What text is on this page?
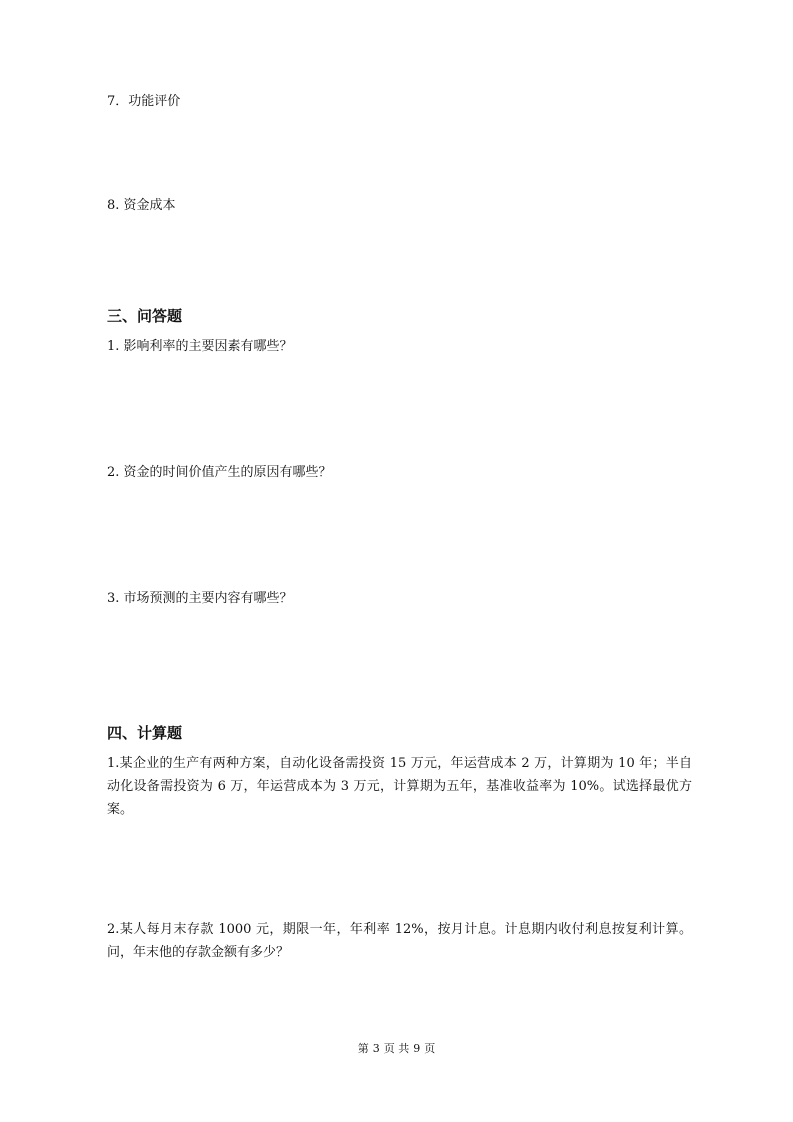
7．功能评价
8. 资金成本
三、问答题
1. 影响利率的主要因素有哪些？
2. 资金的时间价值产生的原因有哪些？
3. 市场预测的主要内容有哪些？
四、计算题
1.某企业的生产有两种方案，自动化设备需投资 15 万元，年运营成本 2 万，计算期为 10 年；半自动化设备需投资为 6 万，年运营成本为 3 万元，计算期为五年，基准收益率为 10%。试选择最优方案。
2.某人每月末存款 1000 元，期限一年，年利率 12%，按月计息。计息期内收付利息按复利计算。问，年末他的存款金额有多少？
第 3 页 共 9 页
